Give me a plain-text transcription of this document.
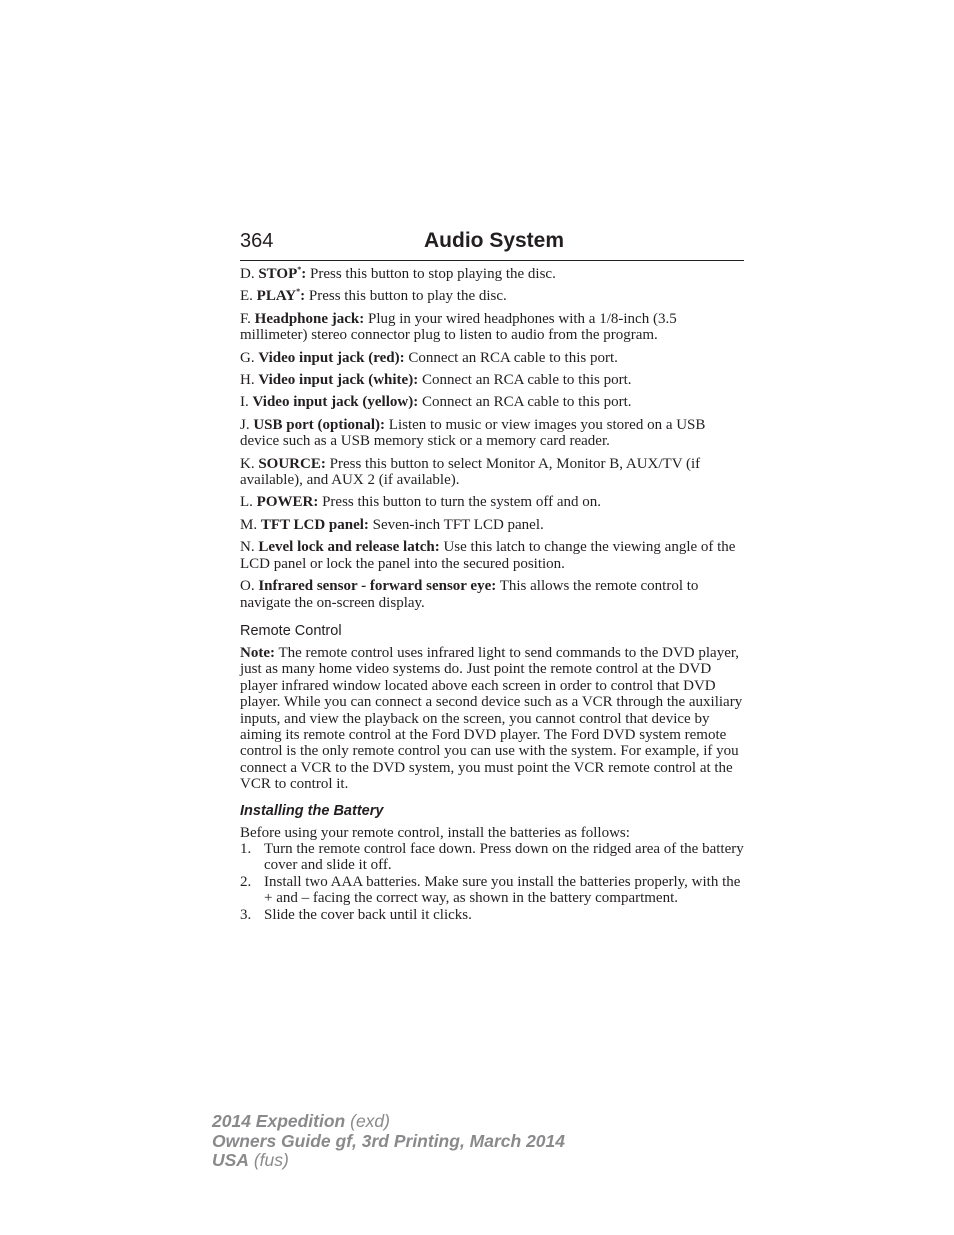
364	Audio System

D. STOP*: Press this button to stop playing the disc.

E. PLAY*: Press this button to play the disc.

F. Headphone jack: Plug in your wired headphones with a 1/8-inch (3.5 millimeter) stereo connector plug to listen to audio from the program.

G. Video input jack (red): Connect an RCA cable to this port.

H. Video input jack (white): Connect an RCA cable to this port.

I. Video input jack (yellow): Connect an RCA cable to this port.

J. USB port (optional): Listen to music or view images you stored on a USB device such as a USB memory stick or a memory card reader.

K. SOURCE: Press this button to select Monitor A, Monitor B, AUX/TV (if available), and AUX 2 (if available).

L. POWER: Press this button to turn the system off and on.

M. TFT LCD panel: Seven-inch TFT LCD panel.

N. Level lock and release latch: Use this latch to change the viewing angle of the LCD panel or lock the panel into the secured position.

O. Infrared sensor - forward sensor eye: This allows the remote control to navigate the on-screen display.

Remote Control

Note: The remote control uses infrared light to send commands to the DVD player, just as many home video systems do. Just point the remote control at the DVD player infrared window located above each screen in order to control that DVD player. While you can connect a second device such as a VCR through the auxiliary inputs, and view the playback on the screen, you cannot control that device by aiming its remote control at the Ford DVD player. The Ford DVD system remote control is the only remote control you can use with the system. For example, if you connect a VCR to the DVD system, you must point the VCR remote control at the VCR to control it.

Installing the Battery

Before using your remote control, install the batteries as follows:

1. Turn the remote control face down. Press down on the ridged area of the battery cover and slide it off.
2. Install two AAA batteries. Make sure you install the batteries properly, with the + and – facing the correct way, as shown in the battery compartment.
3. Slide the cover back until it clicks.
2014 Expedition (exd)
Owners Guide gf, 3rd Printing, March 2014
USA (fus)
